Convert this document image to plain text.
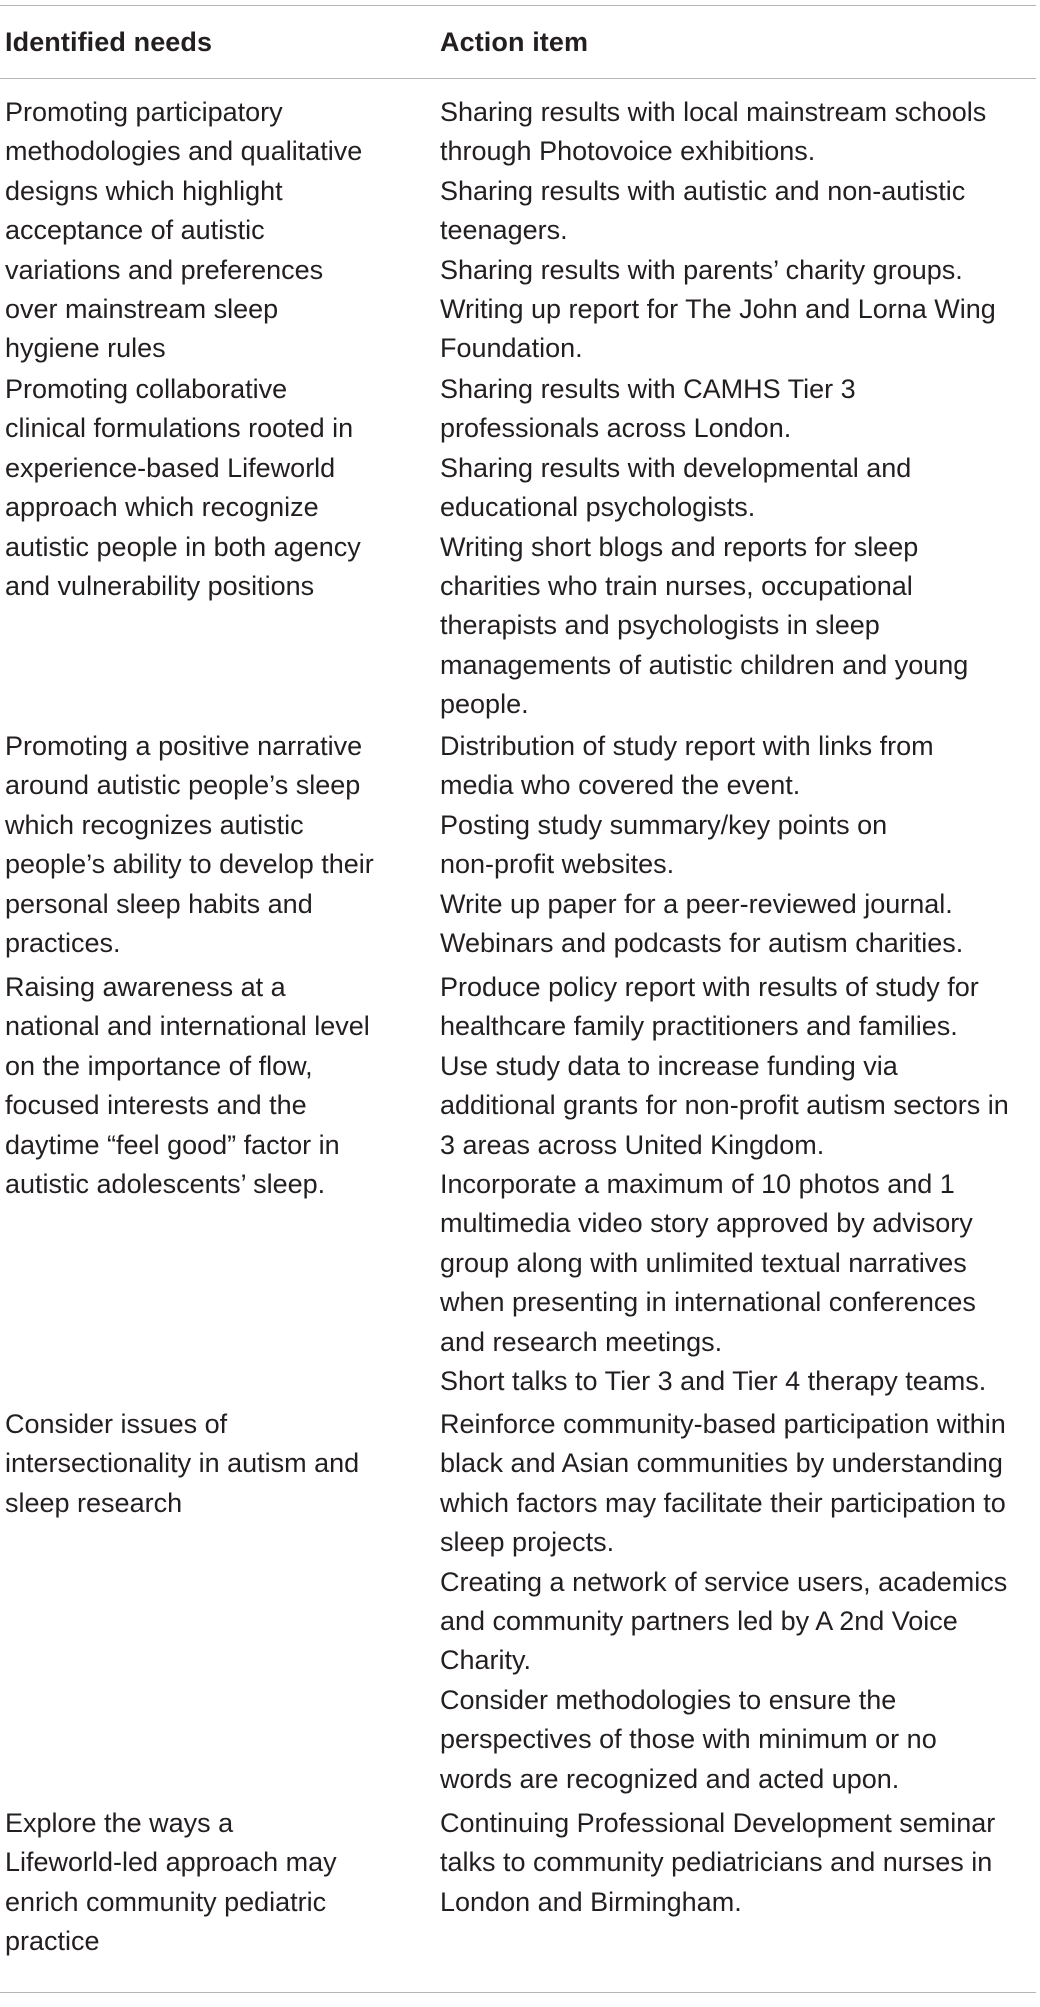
Identified needs	Action item
Promoting participatory
methodologies and qualitative
designs which highlight
acceptance of autistic
variations and preferences
over mainstream sleep
hygiene rules
Sharing results with local mainstream schools
through Photovoice exhibitions.
Sharing results with autistic and non-autistic
teenagers.
Sharing results with parents’ charity groups.
Writing up report for The John and Lorna Wing
Foundation.
Promoting collaborative
clinical formulations rooted in
experience-based Lifeworld
approach which recognize
autistic people in both agency
and vulnerability positions
Sharing results with CAMHS Tier 3
professionals across London.
Sharing results with developmental and
educational psychologists.
Writing short blogs and reports for sleep
charities who train nurses, occupational
therapists and psychologists in sleep
managements of autistic children and young
people.
Promoting a positive narrative
around autistic people’s sleep
which recognizes autistic
people’s ability to develop their
personal sleep habits and
practices.
Distribution of study report with links from
media who covered the event.
Posting study summary/key points on
non-profit websites.
Write up paper for a peer-reviewed journal.
Webinars and podcasts for autism charities.
Raising awareness at a
national and international level
on the importance of flow,
focused interests and the
daytime “feel good” factor in
autistic adolescents’ sleep.
Produce policy report with results of study for
healthcare family practitioners and families.
Use study data to increase funding via
additional grants for non-profit autism sectors in
3 areas across United Kingdom.
Incorporate a maximum of 10 photos and 1
multimedia video story approved by advisory
group along with unlimited textual narratives
when presenting in international conferences
and research meetings.
Short talks to Tier 3 and Tier 4 therapy teams.
Consider issues of
intersectionality in autism and
sleep research
Reinforce community-based participation within
black and Asian communities by understanding
which factors may facilitate their participation to
sleep projects.
Creating a network of service users, academics
and community partners led by A 2nd Voice
Charity.
Consider methodologies to ensure the
perspectives of those with minimum or no
words are recognized and acted upon.
Explore the ways a
Lifeworld-led approach may
enrich community pediatric
practice
Continuing Professional Development seminar
talks to community pediatricians and nurses in
London and Birmingham.
